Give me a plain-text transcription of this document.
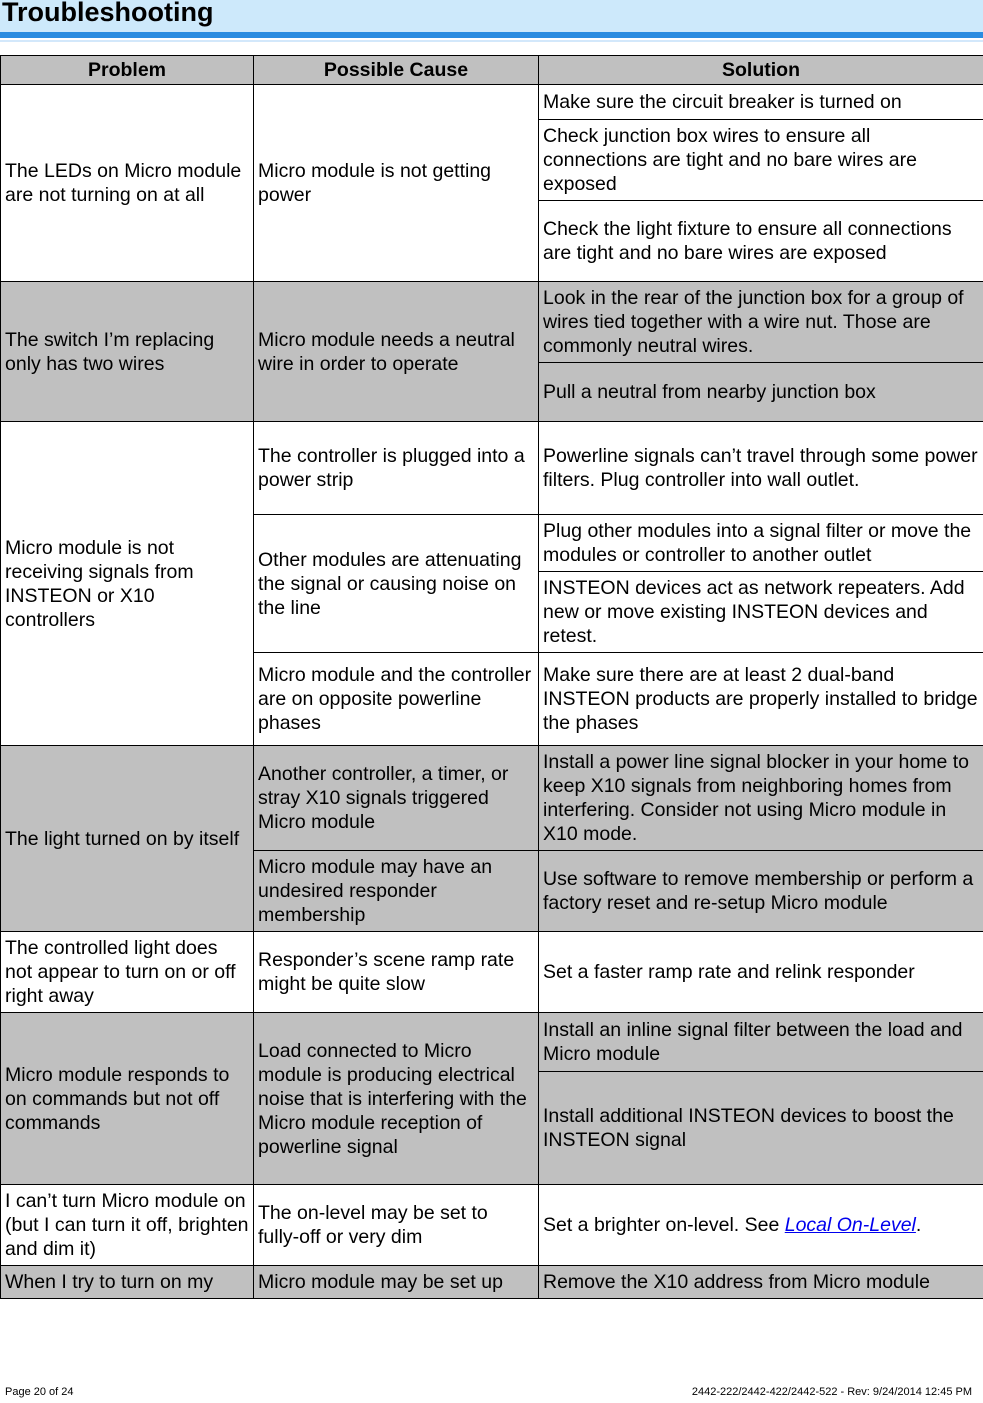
Troubleshooting
Problem	Possible Cause	Solution
The LEDs on Micro module are not turning on at all	Micro module is not getting power	Make sure the circuit breaker is turned on
		Check junction box wires to ensure all connections are tight and no bare wires are exposed
		Check the light fixture to ensure all connections are tight and no bare wires are exposed
The switch I’m replacing only has two wires	Micro module needs a neutral wire in order to operate	Look in the rear of the junction box for a group of wires tied together with a wire nut. Those are commonly neutral wires.
		Pull a neutral from nearby junction box
Micro module is not receiving signals from INSTEON or X10 controllers	The controller is plugged into a power strip	Powerline signals can’t travel through some power filters. Plug controller into wall outlet.
	Other modules are attenuating the signal or causing noise on the line	Plug other modules into a signal filter or move the modules or controller to another outlet
		INSTEON devices act as network repeaters. Add new or move existing INSTEON devices and retest.
	Micro module and the controller are on opposite powerline phases	Make sure there are at least 2 dual-band INSTEON products are properly installed to bridge the phases
The light turned on by itself	Another controller, a timer, or stray X10 signals triggered Micro module	Install a power line signal blocker in your home to keep X10 signals from neighboring homes from interfering. Consider not using Micro module in X10 mode.
	Micro module may have an undesired responder membership	Use software to remove membership or perform a factory reset and re-setup Micro module
The controlled light does not appear to turn on or off right away	Responder’s scene ramp rate might be quite slow	Set a faster ramp rate and relink responder
Micro module responds to on commands but not off commands	Load connected to Micro module is producing electrical noise that is interfering with the Micro module reception of powerline signal	Install an inline signal filter between the load and Micro module
		Install additional INSTEON devices to boost the INSTEON signal
I can’t turn Micro module on (but I can turn it off, brighten and dim it)	The on-level may be set to fully-off or very dim	Set a brighter on-level. See Local On-Level.
When I try to turn on my	Micro module may be set up	Remove the X10 address from Micro module
Page 20 of 24	2442-222/2442-422/2442-522 - Rev: 9/24/2014 12:45 PM
